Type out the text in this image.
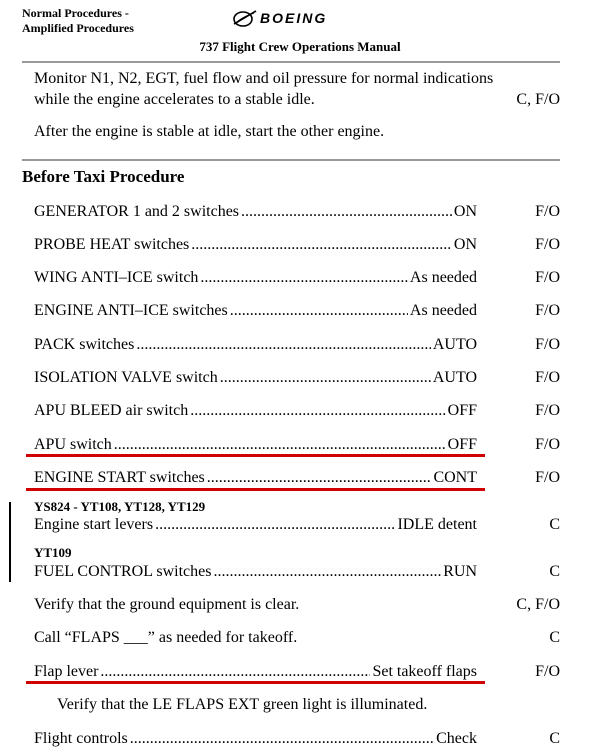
Normal Procedures -
Amplified Procedures
BOEING
737 Flight Crew Operations Manual
Monitor N1, N2, EGT, fuel flow and oil pressure for normal indications
while the engine accelerates to a stable idle.	C, F/O
After the engine is stable at idle, start the other engine.
Before Taxi Procedure
GENERATOR 1 and 2 switches .....	ON	F/O
PROBE HEAT switches .....	ON	F/O
WING ANTI–ICE switch .....	As needed	F/O
ENGINE ANTI–ICE switches .....	As needed	F/O
PACK switches .....	AUTO	F/O
ISOLATION VALVE switch .....	AUTO	F/O
APU BLEED air switch .....	OFF	F/O
APU switch .....	OFF	F/O
ENGINE START switches .....	CONT	F/O
YS824 - YT108, YT128, YT129
Engine start levers .....	IDLE detent	C
YT109
FUEL CONTROL switches .....	RUN	C
Verify that the ground equipment is clear.	C, F/O
Call “FLAPS ___” as needed for takeoff.	C
Flap lever .....	Set takeoff flaps	F/O
Verify that the LE FLAPS EXT green light is illuminated.
Flight controls .....	Check	C
